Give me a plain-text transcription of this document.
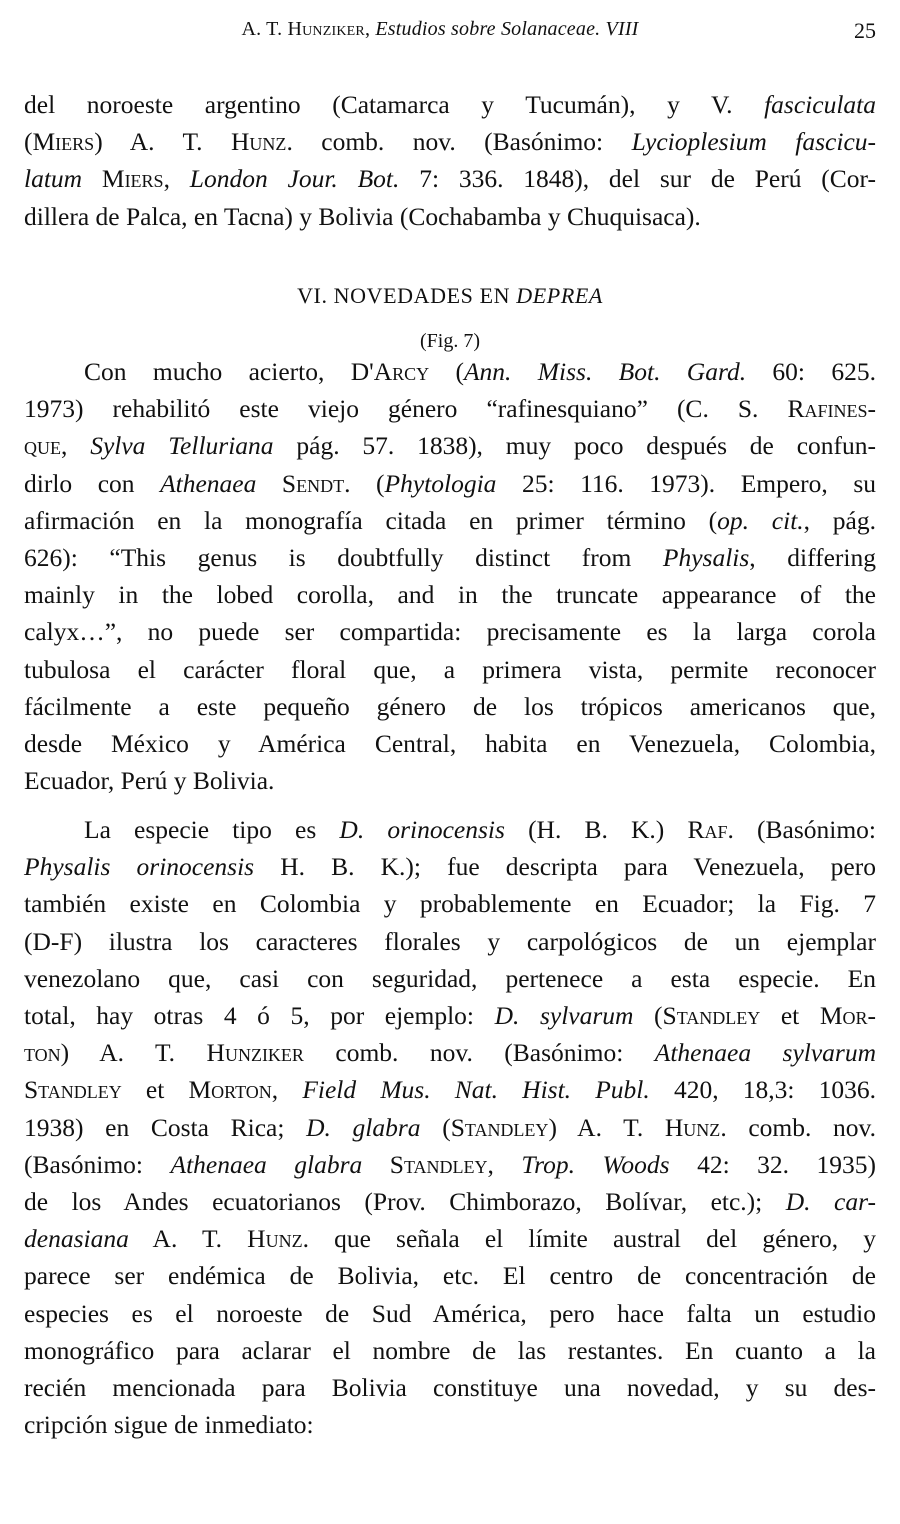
A. T. Hunziker, Estudios sobre Solanaceae. VIII	25
del noroeste argentino (Catamarca y Tucumán), y V. fasciculata
(Miers) A. T. Hunz. comb. nov. (Basónimo: Lycioplesium fascicu-
latum Miers, London Jour. Bot. 7: 336. 1848), del sur de Perú (Cor-
dillera de Palca, en Tacna) y Bolivia (Cochabamba y Chuquisaca).
VI. NOVEDADES EN DEPREA
(Fig. 7)
Con mucho acierto, D'Arcy (Ann. Miss. Bot. Gard. 60: 625.
1973) rehabilitó este viejo género “rafinesquiano” (C. S. Rafines-
que, Sylva Telluriana pág. 57. 1838), muy poco después de confun-
dirlo con Athenaea Sendt. (Phytologia 25: 116. 1973). Empero, su
afirmación en la monografía citada en primer término (op. cit., pág.
626): “This genus is doubtfully distinct from Physalis, differing
mainly in the lobed corolla, and in the truncate appearance of the
calyx…”, no puede ser compartida: precisamente es la larga corola
tubulosa el carácter floral que, a primera vista, permite reconocer
fácilmente a este pequeño género de los trópicos americanos que,
desde México y América Central, habita en Venezuela, Colombia,
Ecuador, Perú y Bolivia.
La especie tipo es D. orinocensis (H. B. K.) Raf. (Basónimo:
Physalis orinocensis H. B. K.); fue descripta para Venezuela, pero
también existe en Colombia y probablemente en Ecuador; la Fig. 7
(D-F) ilustra los caracteres florales y carpológicos de un ejemplar
venezolano que, casi con seguridad, pertenece a esta especie. En
total, hay otras 4 ó 5, por ejemplo: D. sylvarum (Standley et Mor-
ton) A. T. Hunziker comb. nov. (Basónimo: Athenaea sylvarum
Standley et Morton, Field Mus. Nat. Hist. Publ. 420, 18,3: 1036.
1938) en Costa Rica; D. glabra (Standley) A. T. Hunz. comb. nov.
(Basónimo: Athenaea glabra Standley, Trop. Woods 42: 32. 1935)
de los Andes ecuatorianos (Prov. Chimborazo, Bolívar, etc.); D. car-
denasiana A. T. Hunz. que señala el límite austral del género, y
parece ser endémica de Bolivia, etc. El centro de concentración de
especies es el noroeste de Sud América, pero hace falta un estudio
monográfico para aclarar el nombre de las restantes. En cuanto a la
recién mencionada para Bolivia constituye una novedad, y su des-
cripción sigue de inmediato:
